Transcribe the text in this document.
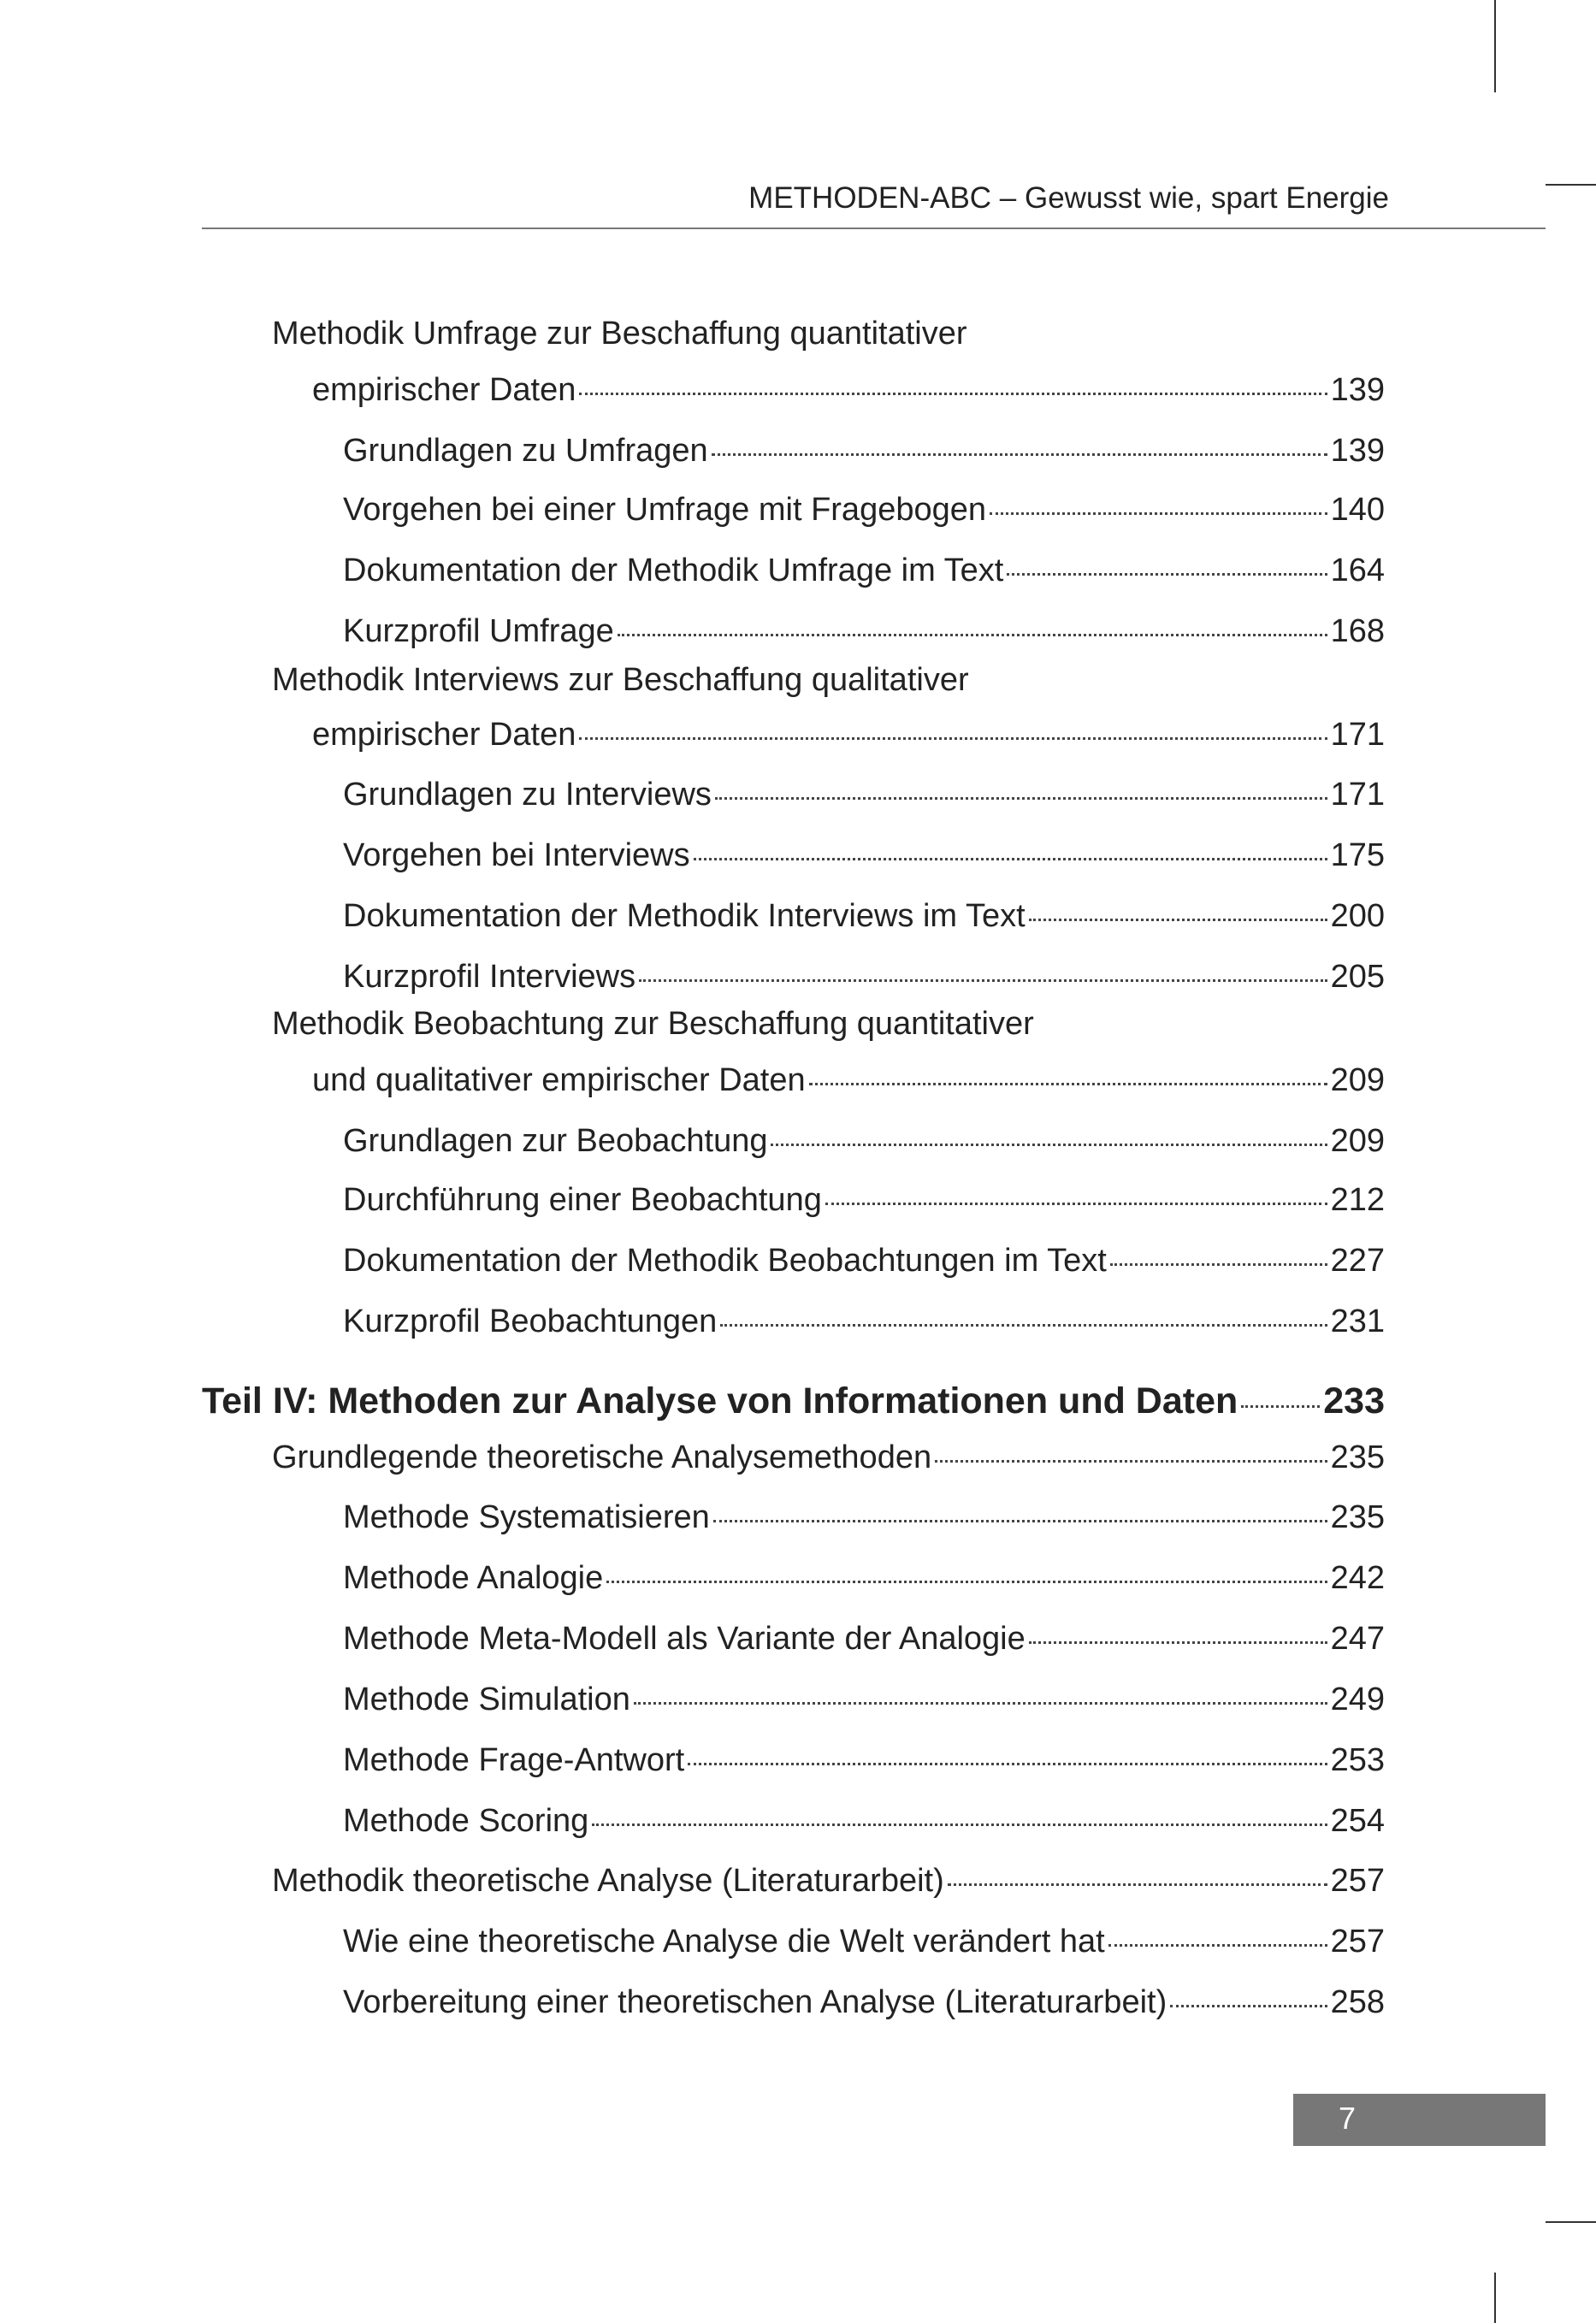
METHODEN-ABC – Gewusst wie, spart Energie
Methodik Umfrage zur Beschaffung quantitativer
empirischer Daten	139
Grundlagen zu Umfragen	139
Vorgehen bei einer Umfrage mit Fragebogen	140
Dokumentation der Methodik Umfrage im Text	164
Kurzprofil Umfrage	168
Methodik Interviews zur Beschaffung qualitativer
empirischer Daten	171
Grundlagen zu Interviews	171
Vorgehen bei Interviews	175
Dokumentation der Methodik Interviews im Text	200
Kurzprofil Interviews	205
Methodik Beobachtung zur Beschaffung quantitativer
und qualitativer empirischer Daten	209
Grundlagen zur Beobachtung	209
Durchführung einer Beobachtung	212
Dokumentation der Methodik Beobachtungen im Text	227
Kurzprofil Beobachtungen	231
Teil IV: Methoden zur Analyse von Informationen und Daten 233
Grundlegende theoretische Analysemethoden	235
Methode Systematisieren	235
Methode Analogie	242
Methode Meta-Modell als Variante der Analogie	247
Methode Simulation	249
Methode Frage-Antwort	253
Methode Scoring	254
Methodik theoretische Analyse (Literaturarbeit)	257
Wie eine theoretische Analyse die Welt verändert hat	257
Vorbereitung einer theoretischen Analyse (Literaturarbeit)	258
7
